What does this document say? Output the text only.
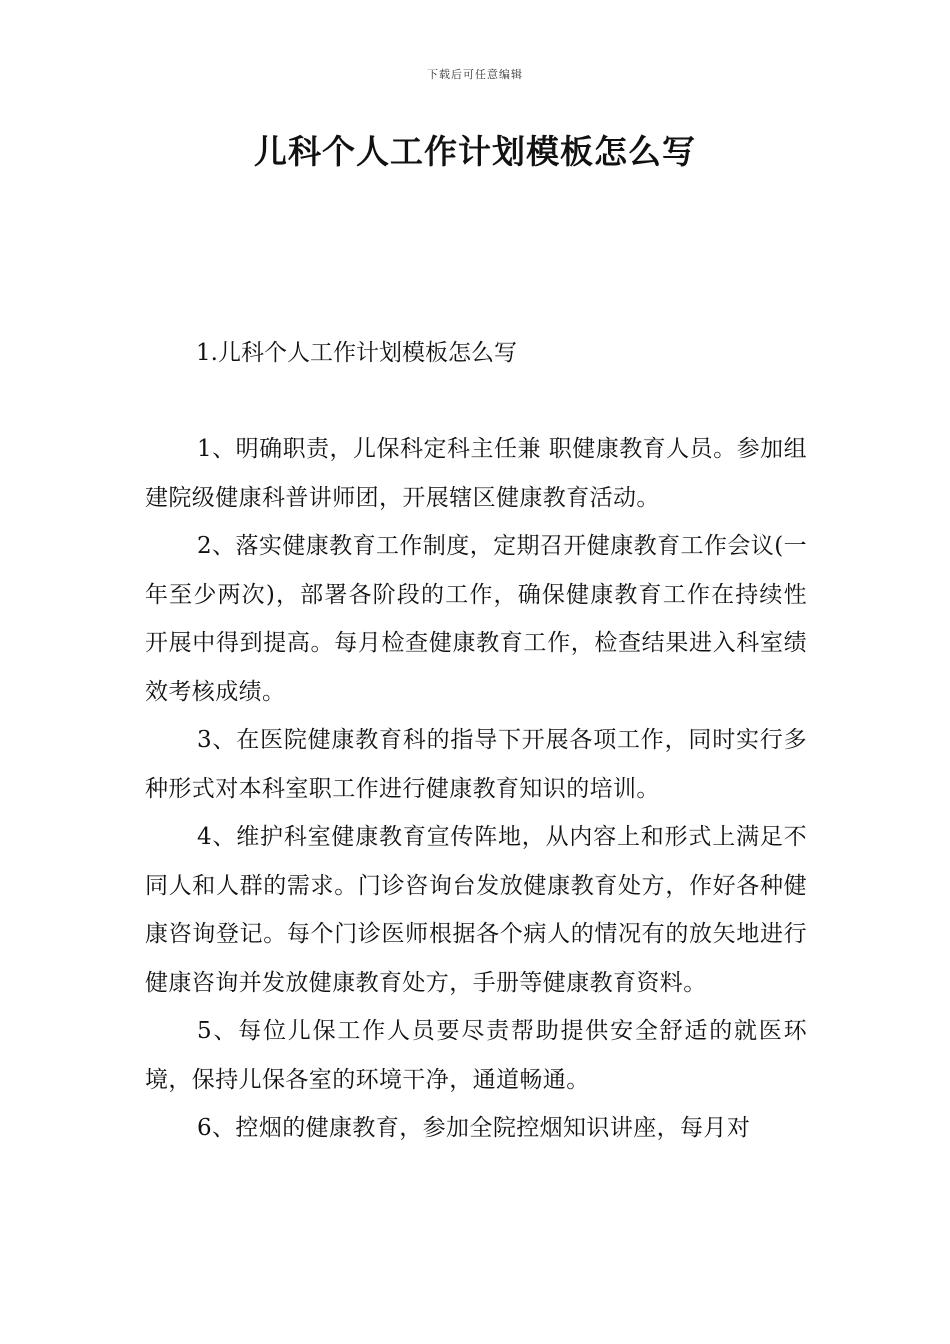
下载后可任意编辑
儿科个人工作计划模板怎么写
1.儿科个人工作计划模板怎么写

1、明确职责，儿保科定科主任兼 职健康教育人员。参加组建院级健康科普讲师团，开展辖区健康教育活动。

2、落实健康教育工作制度，定期召开健康教育工作会议(一年至少两次)，部署各阶段的工作，确保健康教育工作在持续性开展中得到提高。每月检查健康教育工作，检查结果进入科室绩效考核成绩。

3、在医院健康教育科的指导下开展各项工作，同时实行多种形式对本科室职工作进行健康教育知识的培训。

4、维护科室健康教育宣传阵地，从内容上和形式上满足不同人和人群的需求。门诊咨询台发放健康教育处方，作好各种健康咨询登记。每个门诊医师根据各个病人的情况有的放矢地进行健康咨询并发放健康教育处方，手册等健康教育资料。

5、每位儿保工作人员要尽责帮助提供安全舒适的就医环境，保持儿保各室的环境干净，通道畅通。

6、控烟的健康教育，参加全院控烟知识讲座，每月对
